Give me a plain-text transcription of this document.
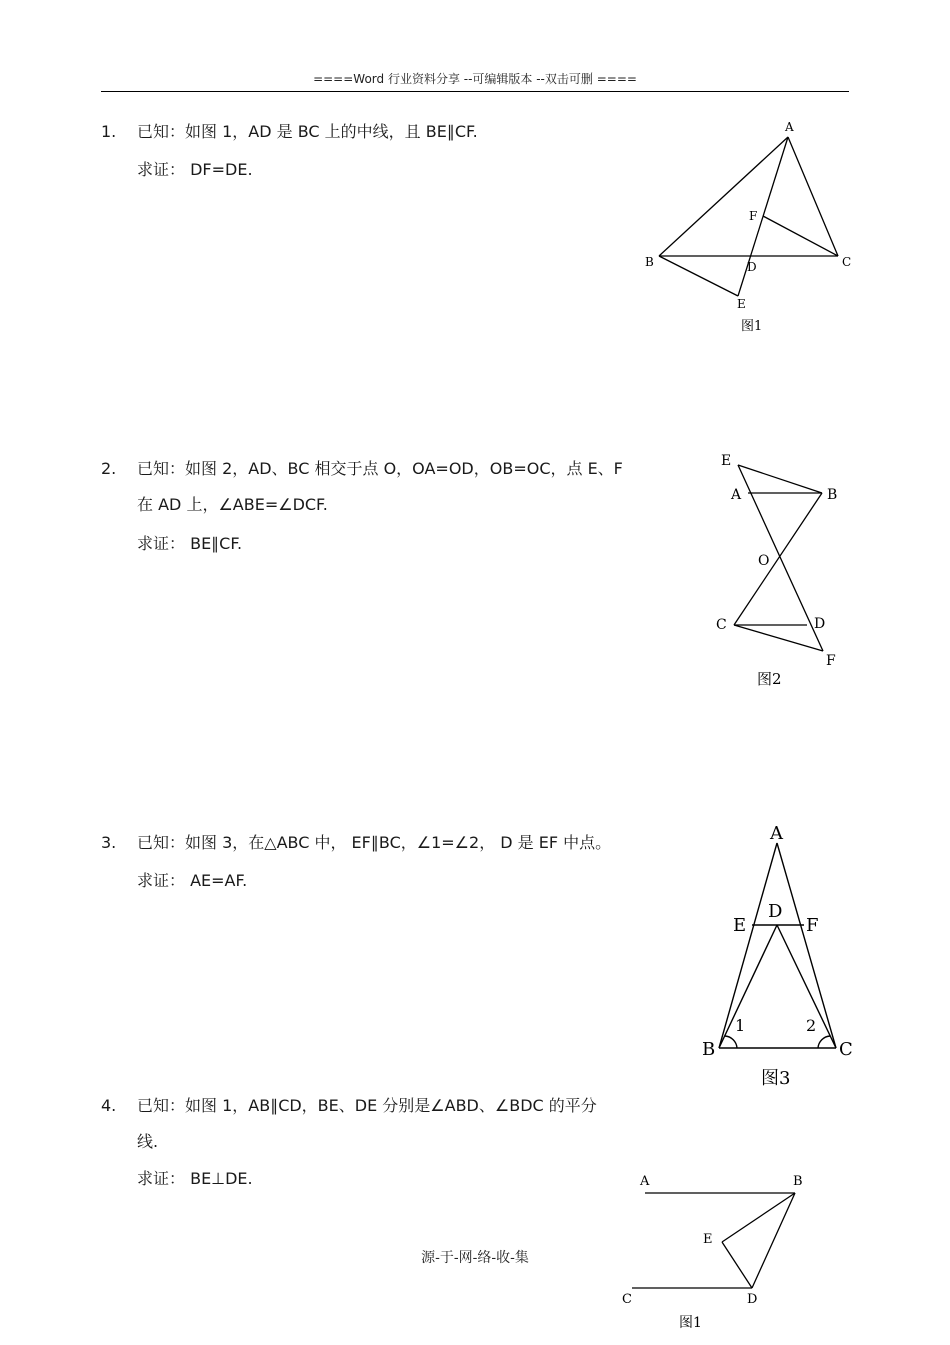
====Word 行业资料分享 --可编辑版本 --双击可删 ====
1.	已知：如图 1，AD 是 BC 上的中线，且 BE∥CF.
求证： DF=DE.
A
B	C
D
E
F
图1
2.	已知：如图 2，AD、BC 相交于点 O，OA=OD，OB=OC，点 E、F
在 AD 上，∠ABE=∠DCF.
求证： BE∥CF.
E
A	B
O
C	D
F
图2
3.	已知：如图 3，在△ABC 中， EF∥BC，∠1=∠2， D 是 EF 中点。
求证： AE=AF.
A
D
E	F
B	C
1	2
图3
4.	已知：如图 1，AB∥CD，BE、DE 分别是∠ABD、∠BDC 的平分
线.
求证： BE⊥DE.	A	B
E
C	D
图1
源-于-网-络-收-集
